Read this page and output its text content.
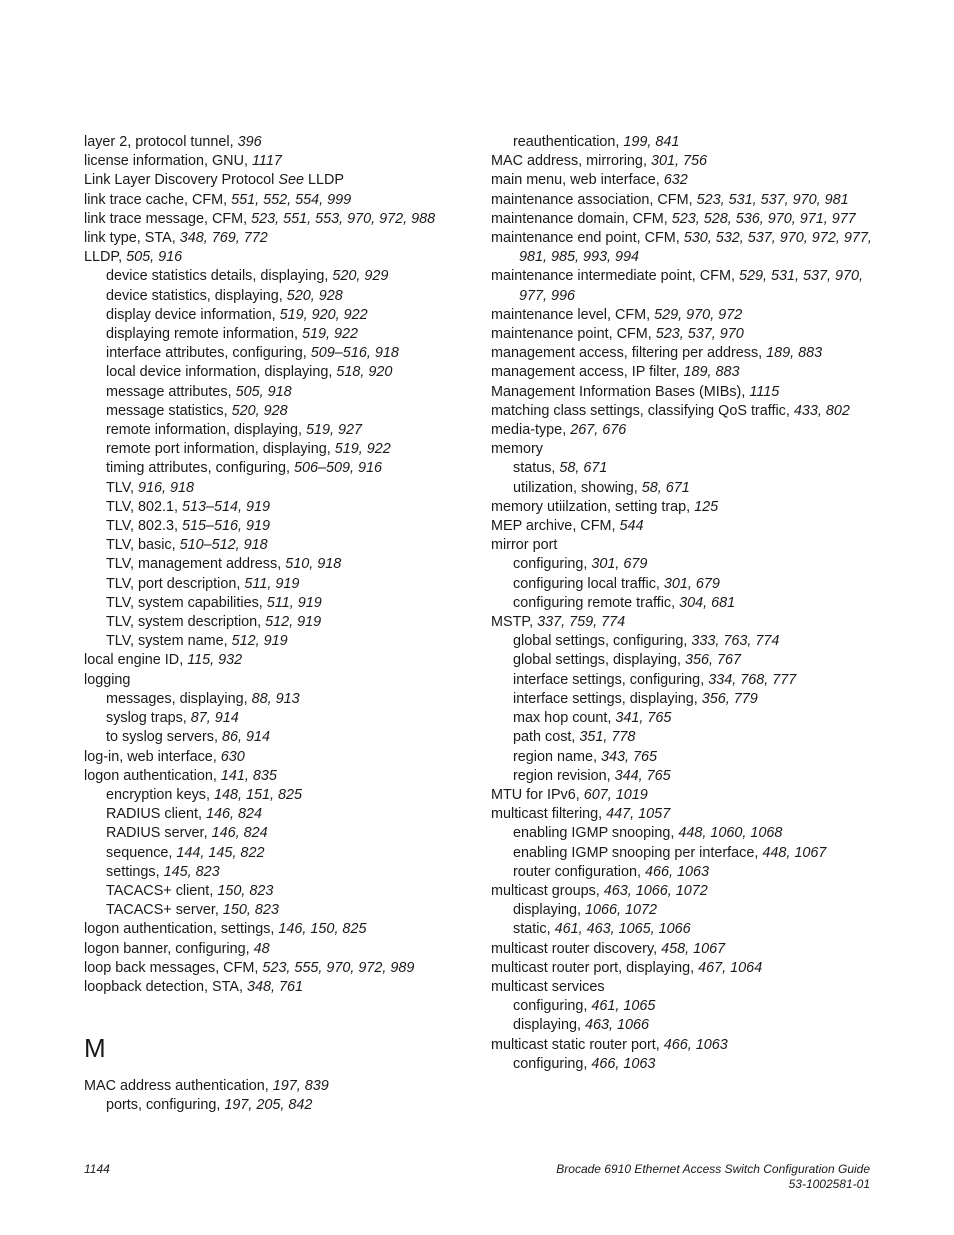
layer 2, protocol tunnel, 396
license information, GNU, 1117
Link Layer Discovery Protocol See LLDP
link trace cache, CFM, 551, 552, 554, 999
link trace message, CFM, 523, 551, 553, 970, 972, 988
link type, STA, 348, 769, 772
LLDP, 505, 916
device statistics details, displaying, 520, 929
device statistics, displaying, 520, 928
display device information, 519, 920, 922
displaying remote information, 519, 922
interface attributes, configuring, 509–516, 918
local device information, displaying, 518, 920
message attributes, 505, 918
message statistics, 520, 928
remote information, displaying, 519, 927
remote port information, displaying, 519, 922
timing attributes, configuring, 506–509, 916
TLV, 916, 918
TLV, 802.1, 513–514, 919
TLV, 802.3, 515–516, 919
TLV, basic, 510–512, 918
TLV, management address, 510, 918
TLV, port description, 511, 919
TLV, system capabilities, 511, 919
TLV, system description, 512, 919
TLV, system name, 512, 919
local engine ID, 115, 932
logging
messages, displaying, 88, 913
syslog traps, 87, 914
to syslog servers, 86, 914
log-in, web interface, 630
logon authentication, 141, 835
encryption keys, 148, 151, 825
RADIUS client, 146, 824
RADIUS server, 146, 824
sequence, 144, 145, 822
settings, 145, 823
TACACS+ client, 150, 823
TACACS+ server, 150, 823
logon authentication, settings, 146, 150, 825
logon banner, configuring, 48
loop back messages, CFM, 523, 555, 970, 972, 989
loopback detection, STA, 348, 761
M
MAC address authentication, 197, 839
ports, configuring, 197, 205, 842
reauthentication, 199, 841
MAC address, mirroring, 301, 756
main menu, web interface, 632
maintenance association, CFM, 523, 531, 537, 970, 981
maintenance domain, CFM, 523, 528, 536, 970, 971, 977
maintenance end point, CFM, 530, 532, 537, 970, 972, 977, 981, 985, 993, 994
maintenance intermediate point, CFM, 529, 531, 537, 970, 977, 996
maintenance level, CFM, 529, 970, 972
maintenance point, CFM, 523, 537, 970
management access, filtering per address, 189, 883
management access, IP filter, 189, 883
Management Information Bases (MIBs), 1115
matching class settings, classifying QoS traffic, 433, 802
media-type, 267, 676
memory
status, 58, 671
utilization, showing, 58, 671
memory utiilzation, setting trap, 125
MEP archive, CFM, 544
mirror port
configuring, 301, 679
configuring local traffic, 301, 679
configuring remote traffic, 304, 681
MSTP, 337, 759, 774
global settings, configuring, 333, 763, 774
global settings, displaying, 356, 767
interface settings, configuring, 334, 768, 777
interface settings, displaying, 356, 779
max hop count, 341, 765
path cost, 351, 778
region name, 343, 765
region revision, 344, 765
MTU for IPv6, 607, 1019
multicast filtering, 447, 1057
enabling IGMP snooping, 448, 1060, 1068
enabling IGMP snooping per interface, 448, 1067
router configuration, 466, 1063
multicast groups, 463, 1066, 1072
displaying, 1066, 1072
static, 461, 463, 1065, 1066
multicast router discovery, 458, 1067
multicast router port, displaying, 467, 1064
multicast services
configuring, 461, 1065
displaying, 463, 1066
multicast static router port, 466, 1063
configuring, 466, 1063
1144	Brocade 6910 Ethernet Access Switch Configuration Guide
53-1002581-01
